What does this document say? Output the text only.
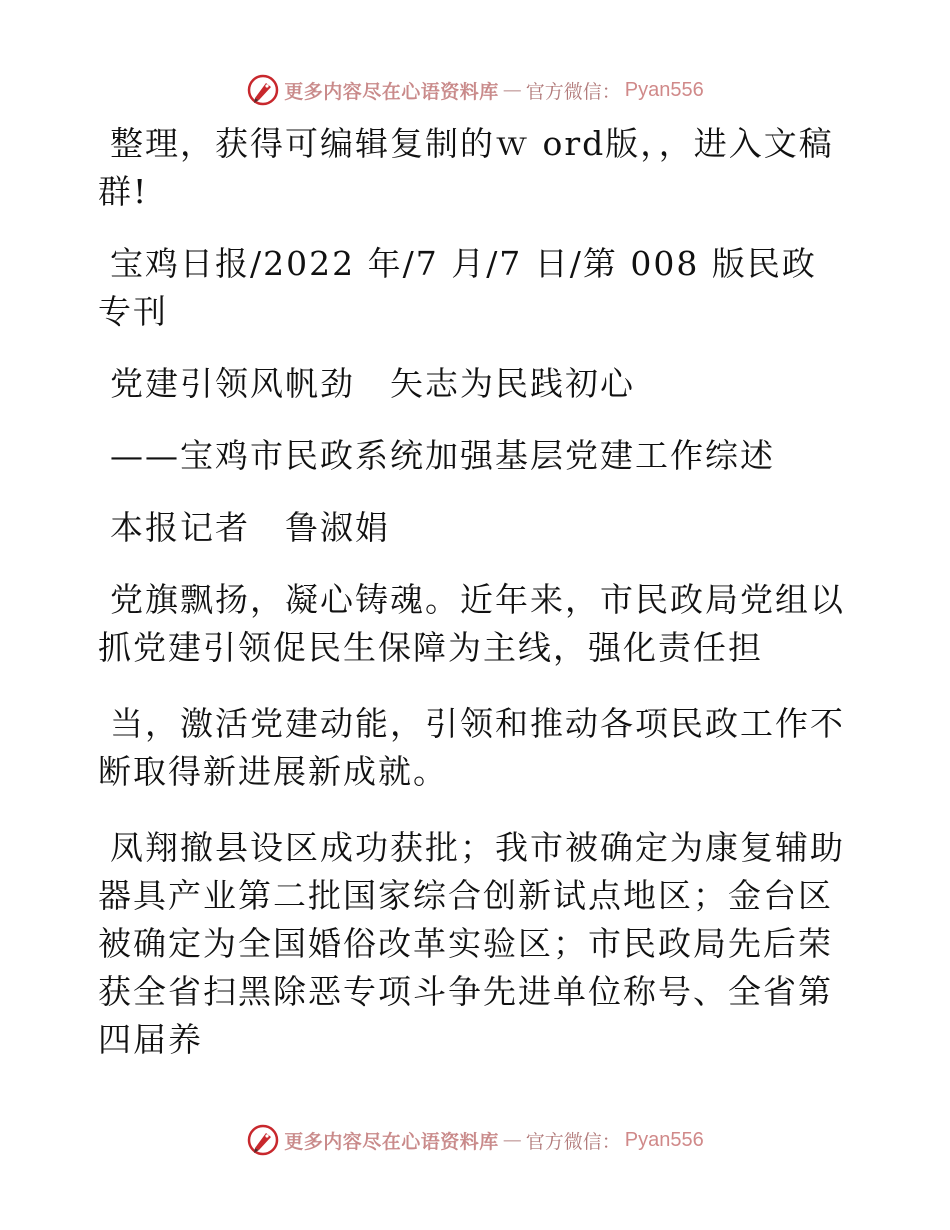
更多内容尽在心语资料库 — 官方微信： Pyan556

整理，获得可编辑复制的ｗ ord版，，进入文稿群!

宝鸡日报/2022 年/7 月/7 日/第 008 版民政专刊

党建引领风帆劲　矢志为民践初心

——宝鸡市民政系统加强基层党建工作综述

本报记者　鲁淑娟

党旗飘扬，凝心铸魂。近年来，市民政局党组以抓党建引领促民生保障为主线，强化责任担

当，激活党建动能，引领和推动各项民政工作不断取得新进展新成就。

凤翔撤县设区成功获批；我市被确定为康复辅助器具产业第二批国家综合创新试点地区；金台区被确定为全国婚俗改革实验区；市民政局先后荣获全省扫黑除恶专项斗争先进单位称号、全省第四届养

更多内容尽在心语资料库 — 官方微信： Pyan556
